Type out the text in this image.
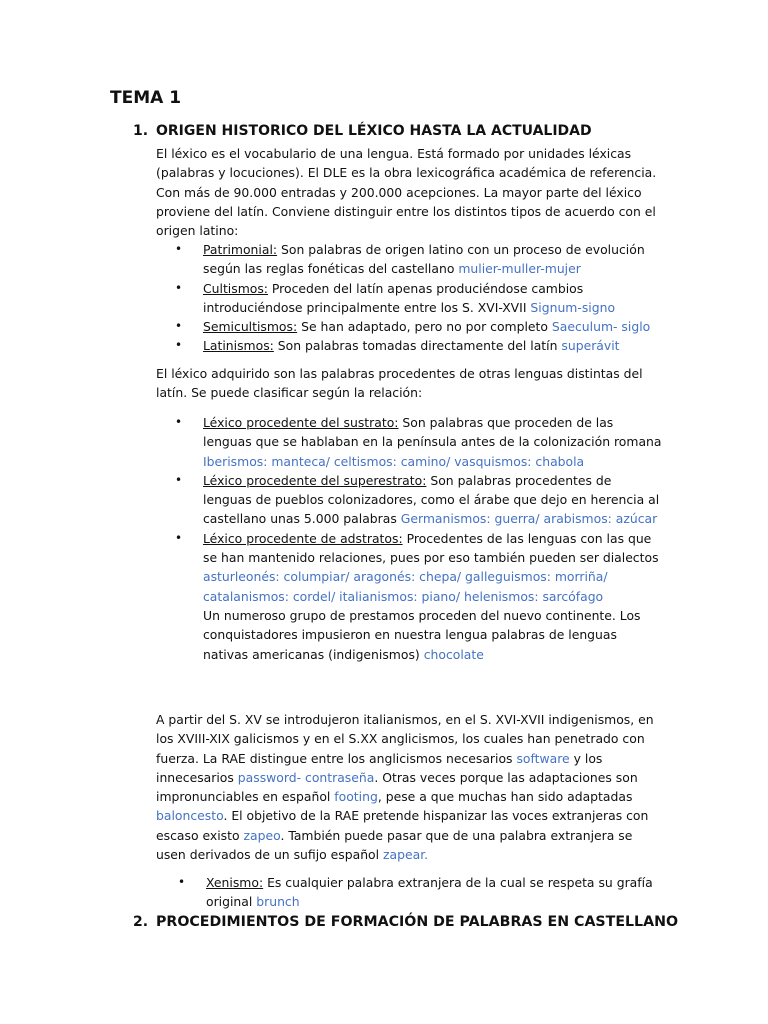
TEMA 1
1. ORIGEN HISTORICO DEL LÉXICO HASTA LA ACTUALIDAD
El léxico es el vocabulario de una lengua. Está formado por unidades léxicas (palabras y locuciones). El DLE es la obra lexicográfica académica de referencia. Con más de 90.000 entradas y 200.000 acepciones. La mayor parte del léxico proviene del latín. Conviene distinguir entre los distintos tipos de acuerdo con el origen latino:
• Patrimonial: Son palabras de origen latino con un proceso de evolución según las reglas fonéticas del castellano mulier-muller-mujer
• Cultismos: Proceden del latín apenas produciéndose cambios introduciéndose principalmente entre los S. XVI-XVII Signum-signo
• Semicultismos: Se han adaptado, pero no por completo Saeculum- siglo
• Latinismos: Son palabras tomadas directamente del latín superávit
El léxico adquirido son las palabras procedentes de otras lenguas distintas del latín. Se puede clasificar según la relación:
• Léxico procedente del sustrato: Son palabras que proceden de las lenguas que se hablaban en la península antes de la colonización romana Iberismos: manteca/ celtismos: camino/ vasquismos: chabola
• Léxico procedente del superestrato: Son palabras procedentes de lenguas de pueblos colonizadores, como el árabe que dejo en herencia al castellano unas 5.000 palabras Germanismos: guerra/ arabismos: azúcar
• Léxico procedente de adstratos: Procedentes de las lenguas con las que se han mantenido relaciones, pues por eso también pueden ser dialectos asturleonés: columpiar/ aragonés: chepa/ galleguismos: morriña/ catalanismos: cordel/ italianismos: piano/ helenismos: sarcófago
Un numeroso grupo de prestamos proceden del nuevo continente. Los conquistadores impusieron en nuestra lengua palabras de lenguas nativas americanas (indigenismos) chocolate
A partir del S. XV se introdujeron italianismos, en el S. XVI-XVII indigenismos, en los XVIII-XIX galicismos y en el S.XX anglicismos, los cuales han penetrado con fuerza. La RAE distingue entre los anglicismos necesarios software y los innecesarios password- contraseña. Otras veces porque las adaptaciones son impronunciables en español footing, pese a que muchas han sido adaptadas baloncesto. El objetivo de la RAE pretende hispanizar las voces extranjeras con escaso existo zapeo. También puede pasar que de una palabra extranjera se usen derivados de un sufijo español zapear.
• Xenismo: Es cualquier palabra extranjera de la cual se respeta su grafía original brunch
2. PROCEDIMIENTOS DE FORMACIÓN DE PALABRAS EN CASTELLANO
